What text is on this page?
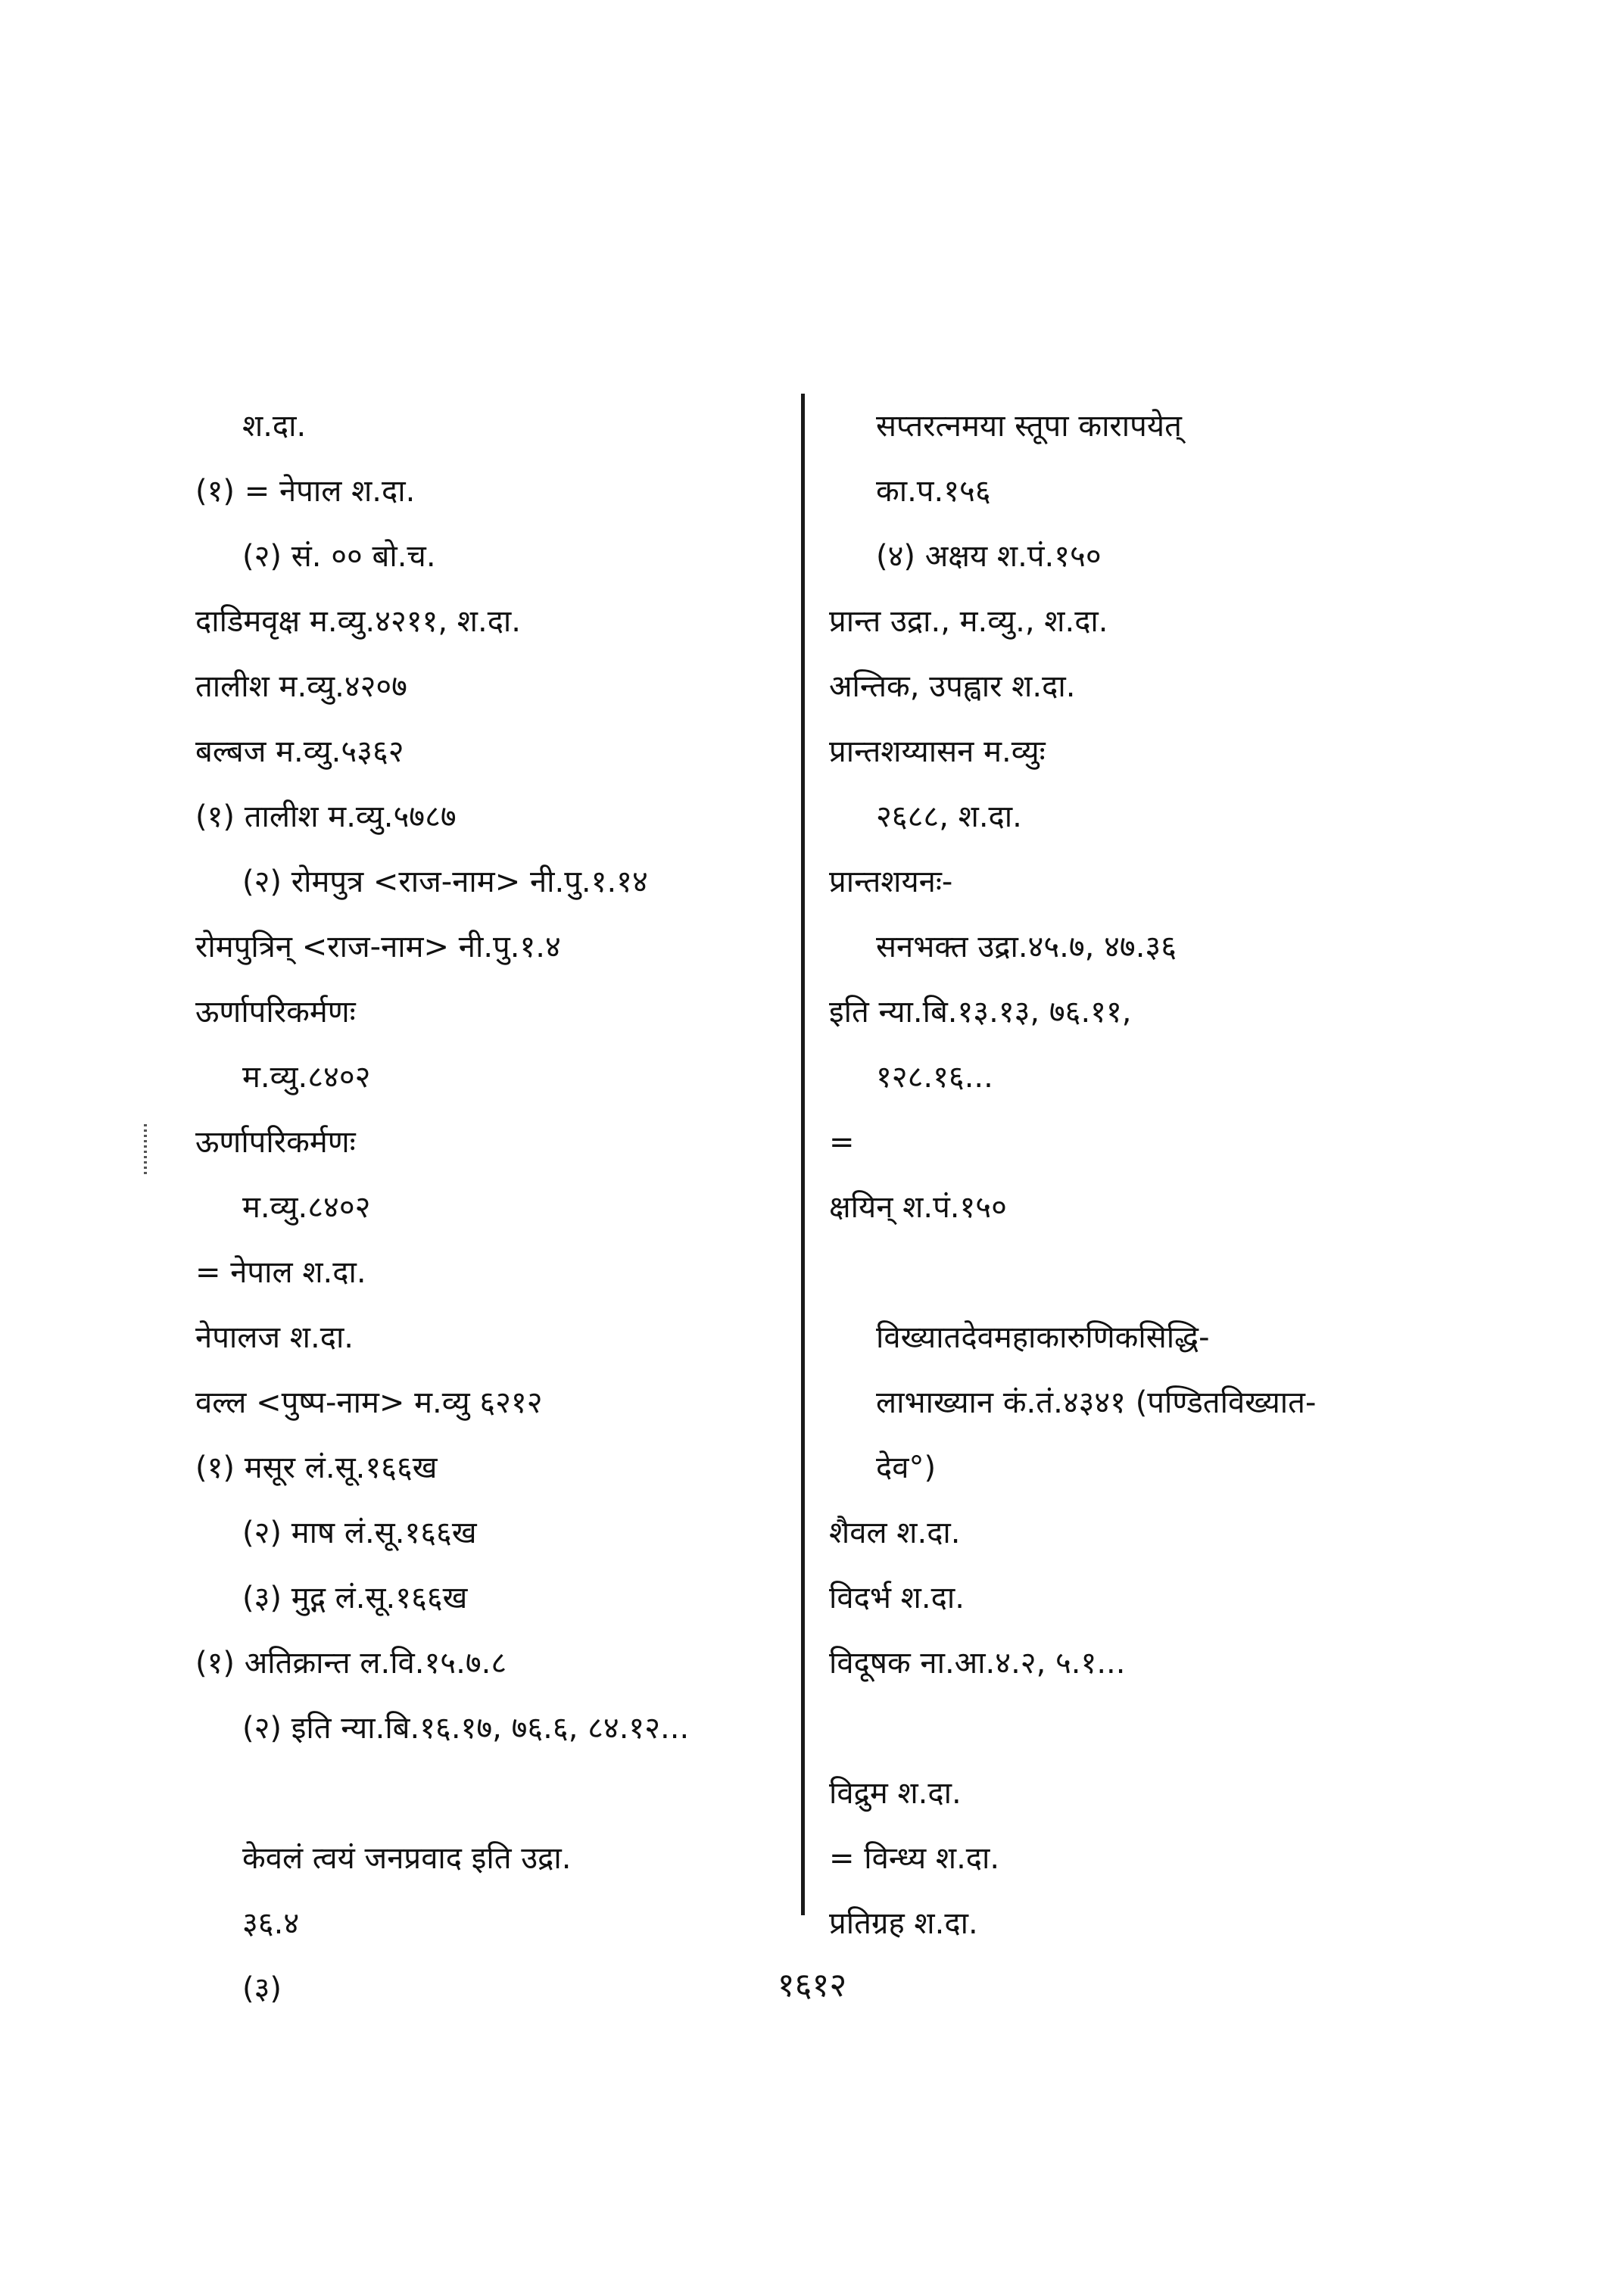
श.दा.
(१) = नेपाल श.दा.
(२) सं. ०० बो.च.
दाडिमवृक्ष म.व्यु.४२११, श.दा.
तालीश म.व्यु.४२०७
बल्बज म.व्यु.५३६२
(१) तालीश म.व्यु.५७८७
(२) रोमपुत्र <राज-नाम> नी.पु.१.१४
रोमपुत्रिन् <राज-नाम> नी.पु.१.४
ऊर्णापरिकर्मणः
म.व्यु.८४०२
ऊर्णापरिकर्मणः
म.व्यु.८४०२
= नेपाल श.दा.
नेपालज श.दा.
वल्ल <पुष्प-नाम> म.व्यु ६२१२
(१) मसूर लं.सू.१६६ख
(२) माष लं.सू.१६६ख
(३) मुद्ग लं.सू.१६६ख
(१) अतिक्रान्त ल.वि.१५.७.८
(२) इति न्या.बि.१६.१७, ७६.६, ८४.१२...
केवलं त्वयं जनप्रवाद इति उद्रा.
३६.४
(३)
सप्तरत्नमया स्तूपा कारापयेत्
का.प.१५६
(४) अक्षय श.पं.१५०
प्रान्त उद्रा., म.व्यु., श.दा.
अन्तिक, उपह्वार श.दा.
प्रान्तशय्यासन म.व्युः
२६८८, श.दा.
प्रान्तशयनः-
सनभक्त उद्रा.४५.७, ४७.३६
इति न्या.बि.१३.१३, ७६.११,
१२८.१६...
=
क्षयिन् श.पं.१५०
विख्यातदेवमहाकारुणिकसिद्धि-
लाभाख्यान कं.तं.४३४१ (पण्डितविख्यात-
देव°)
शैवल श.दा.
विदर्भ श.दा.
विदूषक ना.आ.४.२, ५.१...
विद्रुम श.दा.
= विन्ध्य श.दा.
प्रतिग्रह श.दा.
१६१२
